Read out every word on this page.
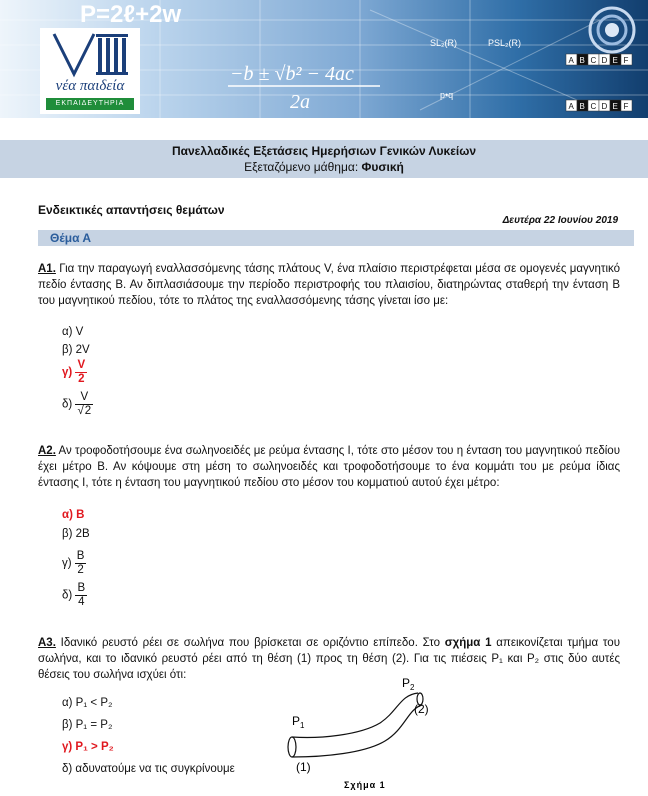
P=2ℓ+2w
−b ± √b² − 4ac
2a
SL₂(R)	PSL₂(R)
p•q
A B C D E F
A B C D E F
νέα παιδεία
ΕΚΠΑΙΔΕΥΤΗΡΙΑ
Πανελλαδικές Εξετάσεις Ημερήσιων Γενικών Λυκείων
Εξεταζόμενο μάθημα: Φυσική
Ενδεικτικές απαντήσεις θεμάτων
Δευτέρα 22 Ιουνίου 2019
Θέμα Α
Α1. Για την παραγωγή εναλλασσόμενης τάσης πλάτους V, ένα πλαίσιο περιστρέφεται μέσα σε ομογενές μαγνητικό πεδίο έντασης Β. Αν διπλασιάσουμε την περίοδο περιστροφής του πλαισίου, διατηρώντας σταθερή την ένταση Β του μαγνητικού πεδίου, τότε το πλάτος της εναλλασσόμενης τάσης γίνεται ίσο με:
α) V
β) 2V
$\gamma) \frac{V}{2}$
$\delta) \frac{V}{√2}$
Α2. Αν τροφοδοτήσουμε ένα σωληνοειδές με ρεύμα έντασης Ι, τότε στο μέσον του η ένταση του μαγνητικού πεδίου έχει μέτρο Β. Αν κόψουμε στη μέση το σωληνοειδές και τροφοδοτήσουμε το ένα κομμάτι του με ρεύμα ίδιας έντασης Ι, τότε η ένταση του μαγνητικού πεδίου στο μέσον του κομματιού αυτού έχει μέτρο:
α) Β
β) 2Β
$\gamma) \frac{B}{2}$
$\delta) \frac{B}{4}$
Α3. Ιδανικό ρευστό ρέει σε σωλήνα που βρίσκεται σε οριζόντιο επίπεδο. Στο σχήμα 1 απεικονίζεται τμήμα του σωλήνα, και το ιδανικό ρευστό ρέει από τη θέση (1) προς τη θέση (2). Για τις πιέσεις P₁ και P₂ στις δύο αυτές θέσεις του σωλήνα ισχύει ότι:
α) P₁ < P₂
β) P₁ = P₂
γ) P₁ > P₂
δ) αδυνατούμε να τις συγκρίνουμε
$P_1$
$P_2$
(1)
(2)
Σχήμα 1
